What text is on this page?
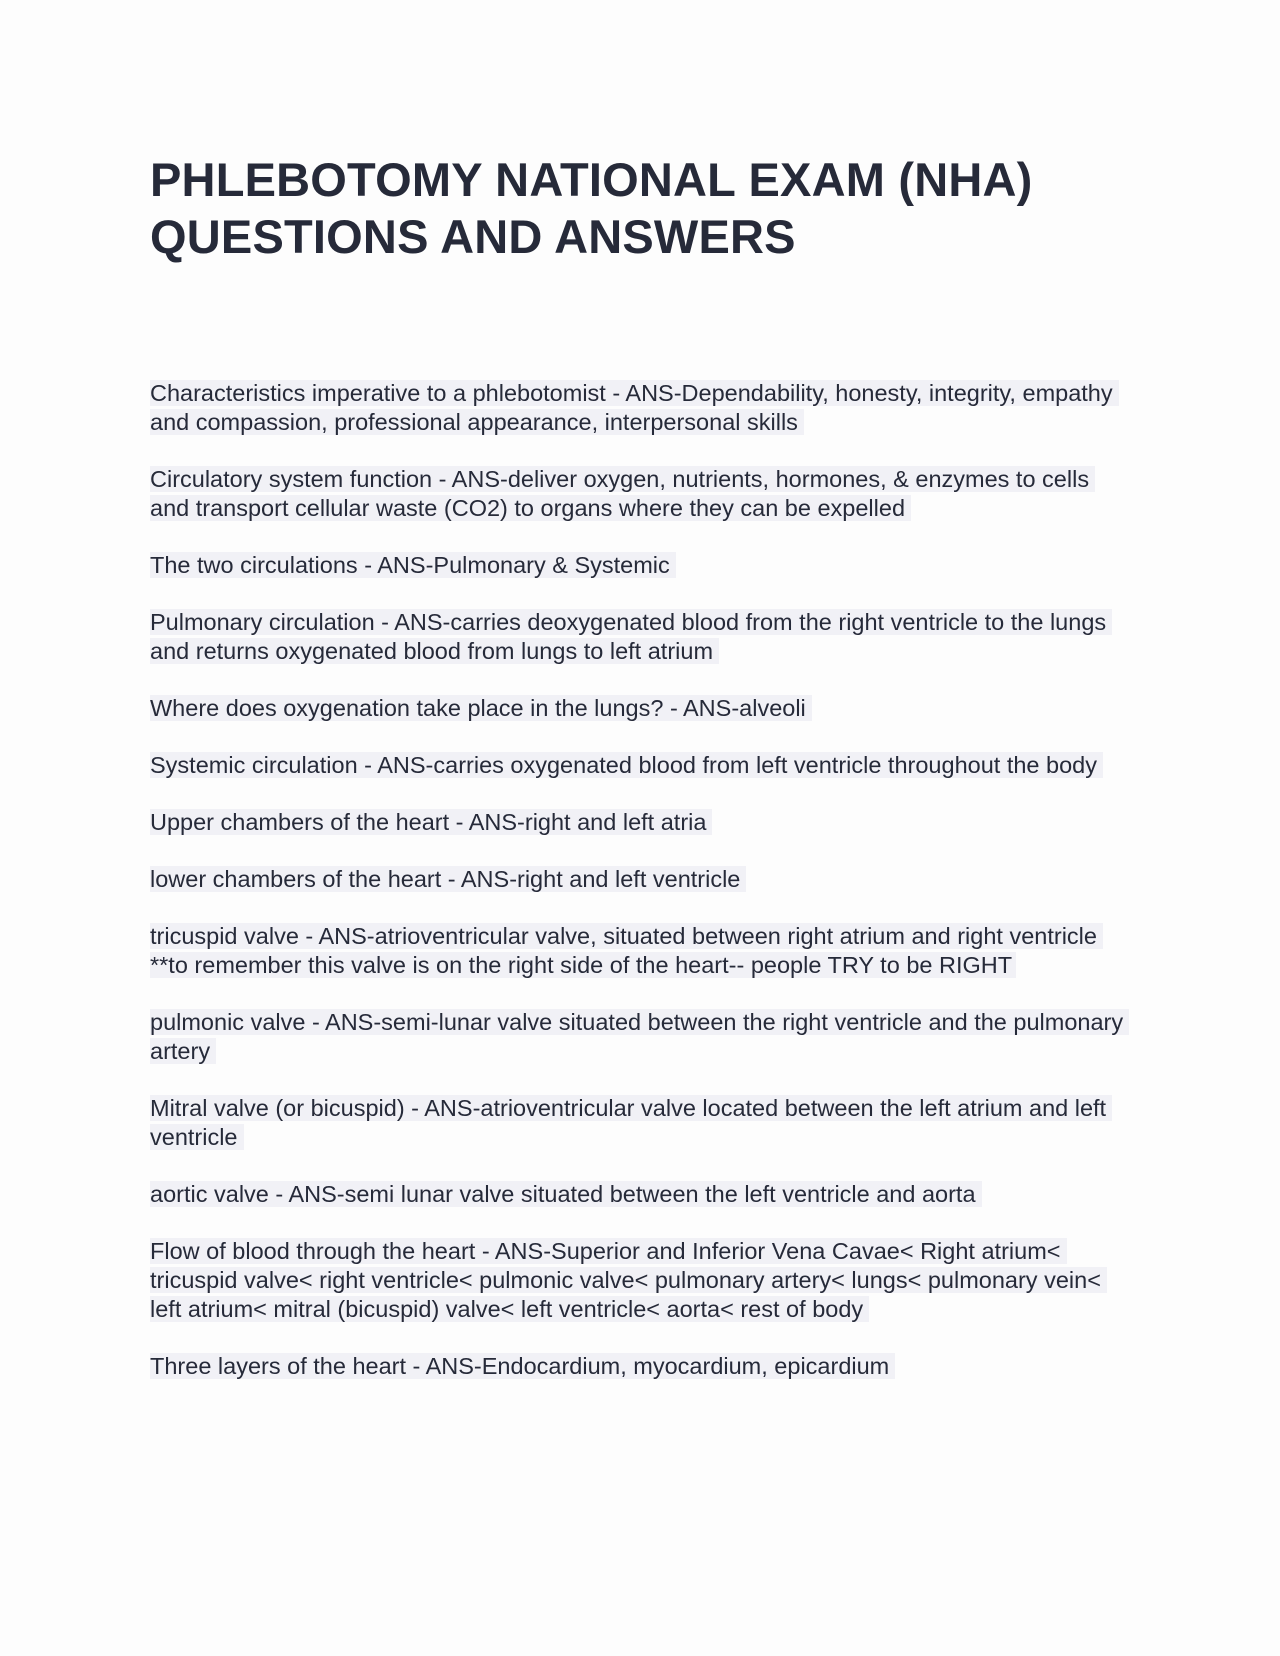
PHLEBOTOMY NATIONAL EXAM (NHA)
QUESTIONS AND ANSWERS

Characteristics imperative to a phlebotomist - ANS-Dependability, honesty, integrity, empathy and compassion, professional appearance, interpersonal skills

Circulatory system function - ANS-deliver oxygen, nutrients, hormones, & enzymes to cells and transport cellular waste (CO2) to organs where they can be expelled

The two circulations - ANS-Pulmonary & Systemic

Pulmonary circulation - ANS-carries deoxygenated blood from the right ventricle to the lungs and returns oxygenated blood from lungs to left atrium

Where does oxygenation take place in the lungs? - ANS-alveoli

Systemic circulation - ANS-carries oxygenated blood from left ventricle throughout the body

Upper chambers of the heart - ANS-right and left atria

lower chambers of the heart - ANS-right and left ventricle

tricuspid valve - ANS-atrioventricular valve, situated between right atrium and right ventricle
**to remember this valve is on the right side of the heart-- people TRY to be RIGHT

pulmonic valve - ANS-semi-lunar valve situated between the right ventricle and the pulmonary artery

Mitral valve (or bicuspid) - ANS-atrioventricular valve located between the left atrium and left ventricle

aortic valve - ANS-semi lunar valve situated between the left ventricle and aorta

Flow of blood through the heart - ANS-Superior and Inferior Vena Cavae< Right atrium< tricuspid valve< right ventricle< pulmonic valve< pulmonary artery< lungs< pulmonary vein< left atrium< mitral (bicuspid) valve< left ventricle< aorta< rest of body

Three layers of the heart - ANS-Endocardium, myocardium, epicardium
